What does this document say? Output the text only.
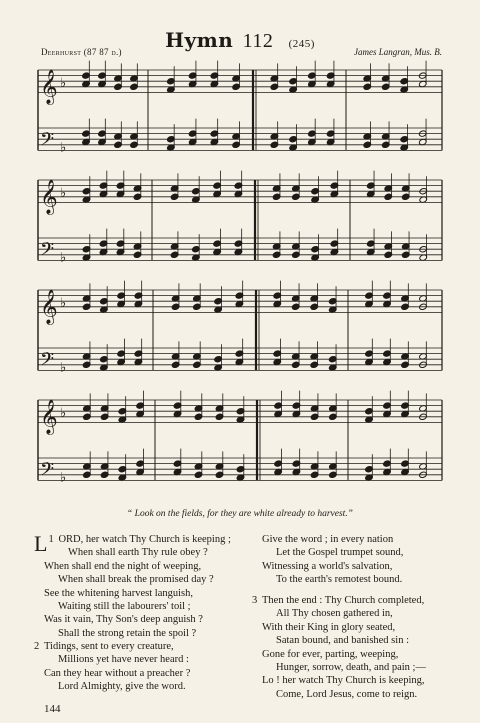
Hymn 112 (245)
Deerhurst (87 87 d.)	James Langran, Mus. B.
𝄞 ♭
𝄢 ♭
𝄞 ♭
𝄢 ♭
𝄞 ♭
𝄢 ♭
𝄞 ♭
𝄢 ♭
“ Look on the fields, for they are white already to harvest.”
1
L ORD, her watch Thy Church is keeping ;
When shall earth Thy rule obey ?
When shall end the night of weeping,
When shall break the promised day ?
See the whitening harvest languish,
Waiting still the labourers' toil ;
Was it vain, Thy Son's deep anguish ?
Shall the strong retain the spoil ?
2 Tidings, sent to every creature,
Millions yet have never heard :
Can they hear without a preacher ?
Lord Almighty, give the word.
Give the word ; in every nation
Let the Gospel trumpet sound,
Witnessing a world's salvation,
To the earth's remotest bound.
3 Then the end : Thy Church completed,
All Thy chosen gathered in,
With their King in glory seated,
Satan bound, and banished sin :
Gone for ever, parting, weeping,
Hunger, sorrow, death, and pain ;—
Lo ! her watch Thy Church is keeping,
Come, Lord Jesus, come to reign.
144
